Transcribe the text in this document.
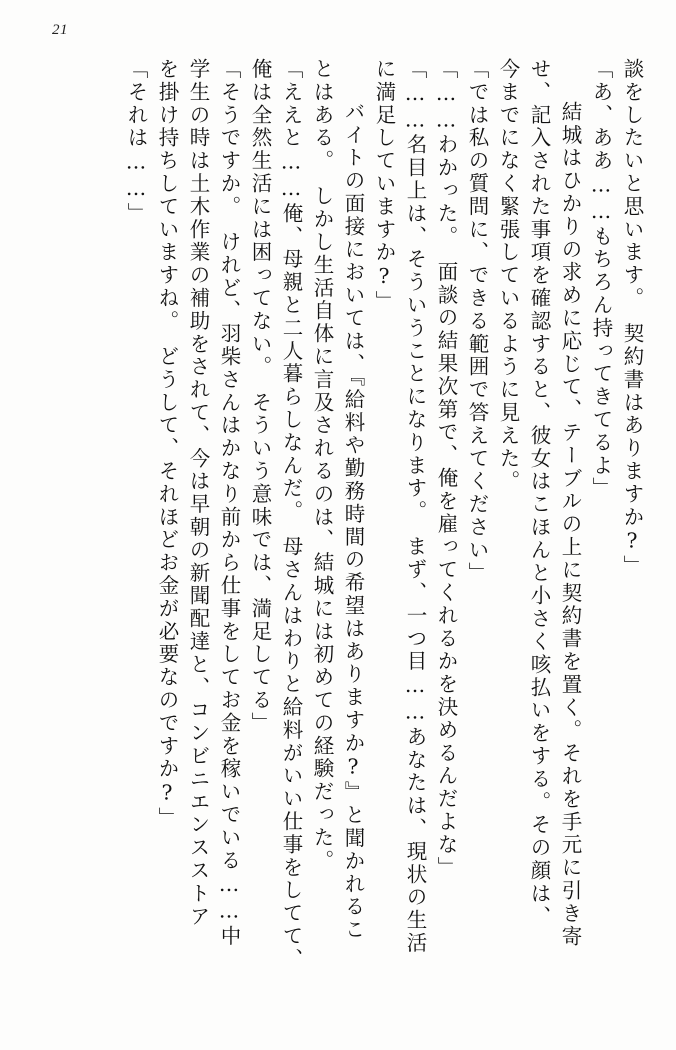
21
談をしたいと思います。　契約書はありますか?」
「あ、ああ……もちろん持ってきてるよ」
　結城はひかりの求めに応じて、テーブルの上に契約書を置く。それを手元に引き寄
せ、記入された事項を確認すると、彼女はこほんと小さく咳払いをする。その顔は、
今までになく緊張しているように見えた。
「では私の質問に、できる範囲で答えてください」
「……わかった。　面談の結果次第で、俺を雇ってくれるかを決めるんだよな」
「……名目上は、そういうことになります。　まず、一つ目……あなたは、現状の生活
に満足していますか?」
　バイトの面接においては、『給料や勤務時間の希望はありますか?』と聞かれるこ
とはある。　しかし生活自体に言及されるのは、結城には初めての経験だった。
「ええと……俺、母親と二人暮らしなんだ。　母さんはわりと給料がいい仕事をしてて、
俺は全然生活には困ってない。　そういう意味では、満足してる」
「そうですか。　けれど、羽柴さんはかなり前から仕事をしてお金を稼いでいる……中
学生の時は土木作業の補助をされて、今は早朝の新聞配達と、コンビニエンスストア
を掛け持ちしていますね。　どうして、それほどお金が必要なのですか?」
「それは……」
